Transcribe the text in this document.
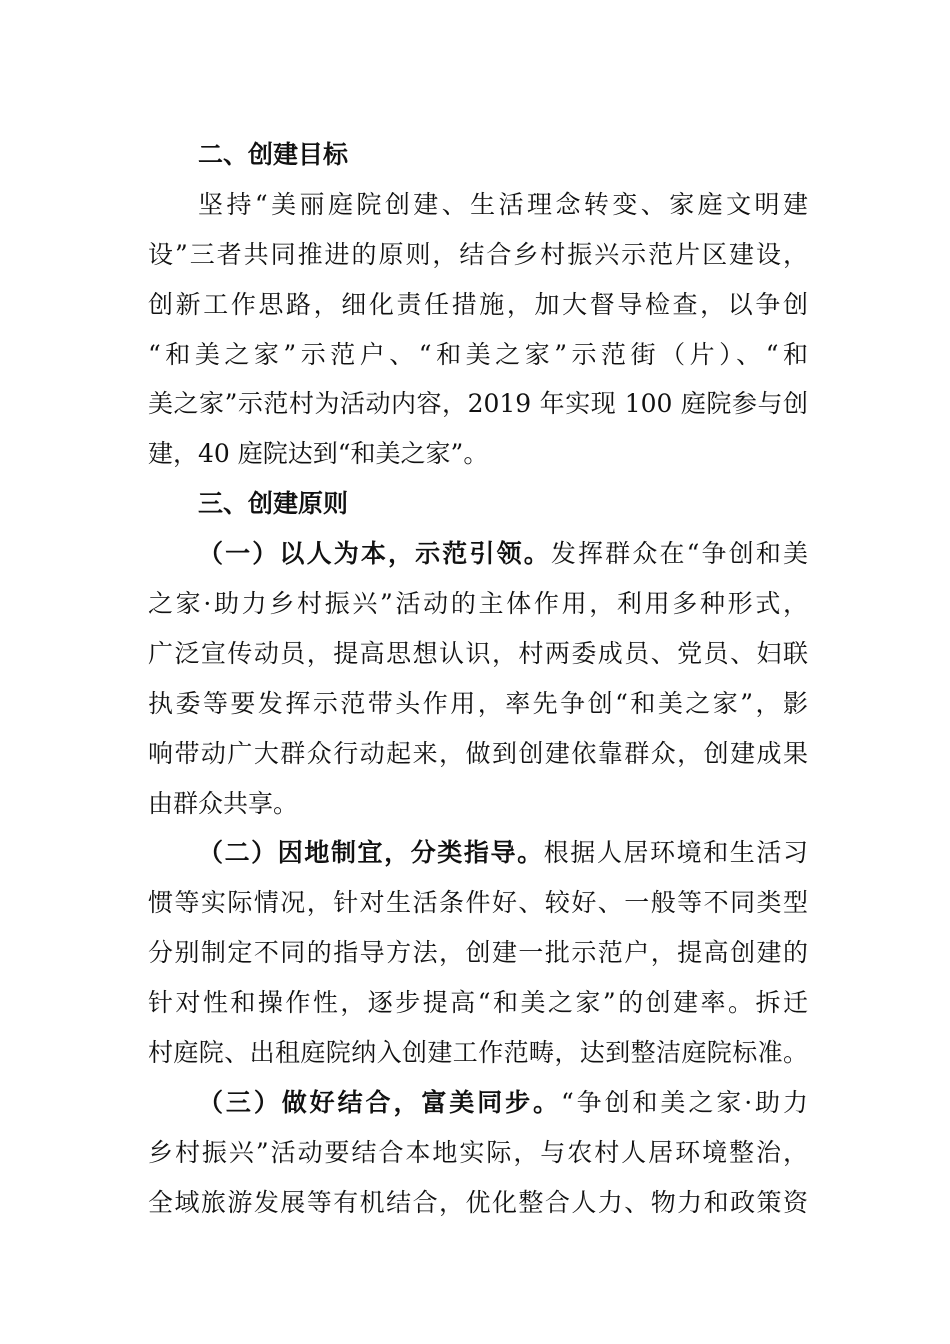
二、创建目标
坚持“美丽庭院创建、生活理念转变、家庭文明建
设”三者共同推进的原则，结合乡村振兴示范片区建设，
创新工作思路，细化责任措施，加大督导检查，以争创
“和美之家”示范户、“和美之家”示范街（片）、“和
美之家”示范村为活动内容，2019 年实现 100 庭院参与创
建，40 庭院达到“和美之家”。
三、创建原则
（一）以人为本，示范引领。发挥群众在“争创和美
之家·助力乡村振兴”活动的主体作用，利用多种形式，
广泛宣传动员，提高思想认识，村两委成员、党员、妇联
执委等要发挥示范带头作用，率先争创“和美之家”，影
响带动广大群众行动起来，做到创建依靠群众，创建成果
由群众共享。
（二）因地制宜，分类指导。根据人居环境和生活习
惯等实际情况，针对生活条件好、较好、一般等不同类型
分别制定不同的指导方法，创建一批示范户，提高创建的
针对性和操作性，逐步提高“和美之家”的创建率。拆迁
村庭院、出租庭院纳入创建工作范畴，达到整洁庭院标准。
（三）做好结合，富美同步。“争创和美之家·助力
乡村振兴”活动要结合本地实际，与农村人居环境整治，
全域旅游发展等有机结合，优化整合人力、物力和政策资
